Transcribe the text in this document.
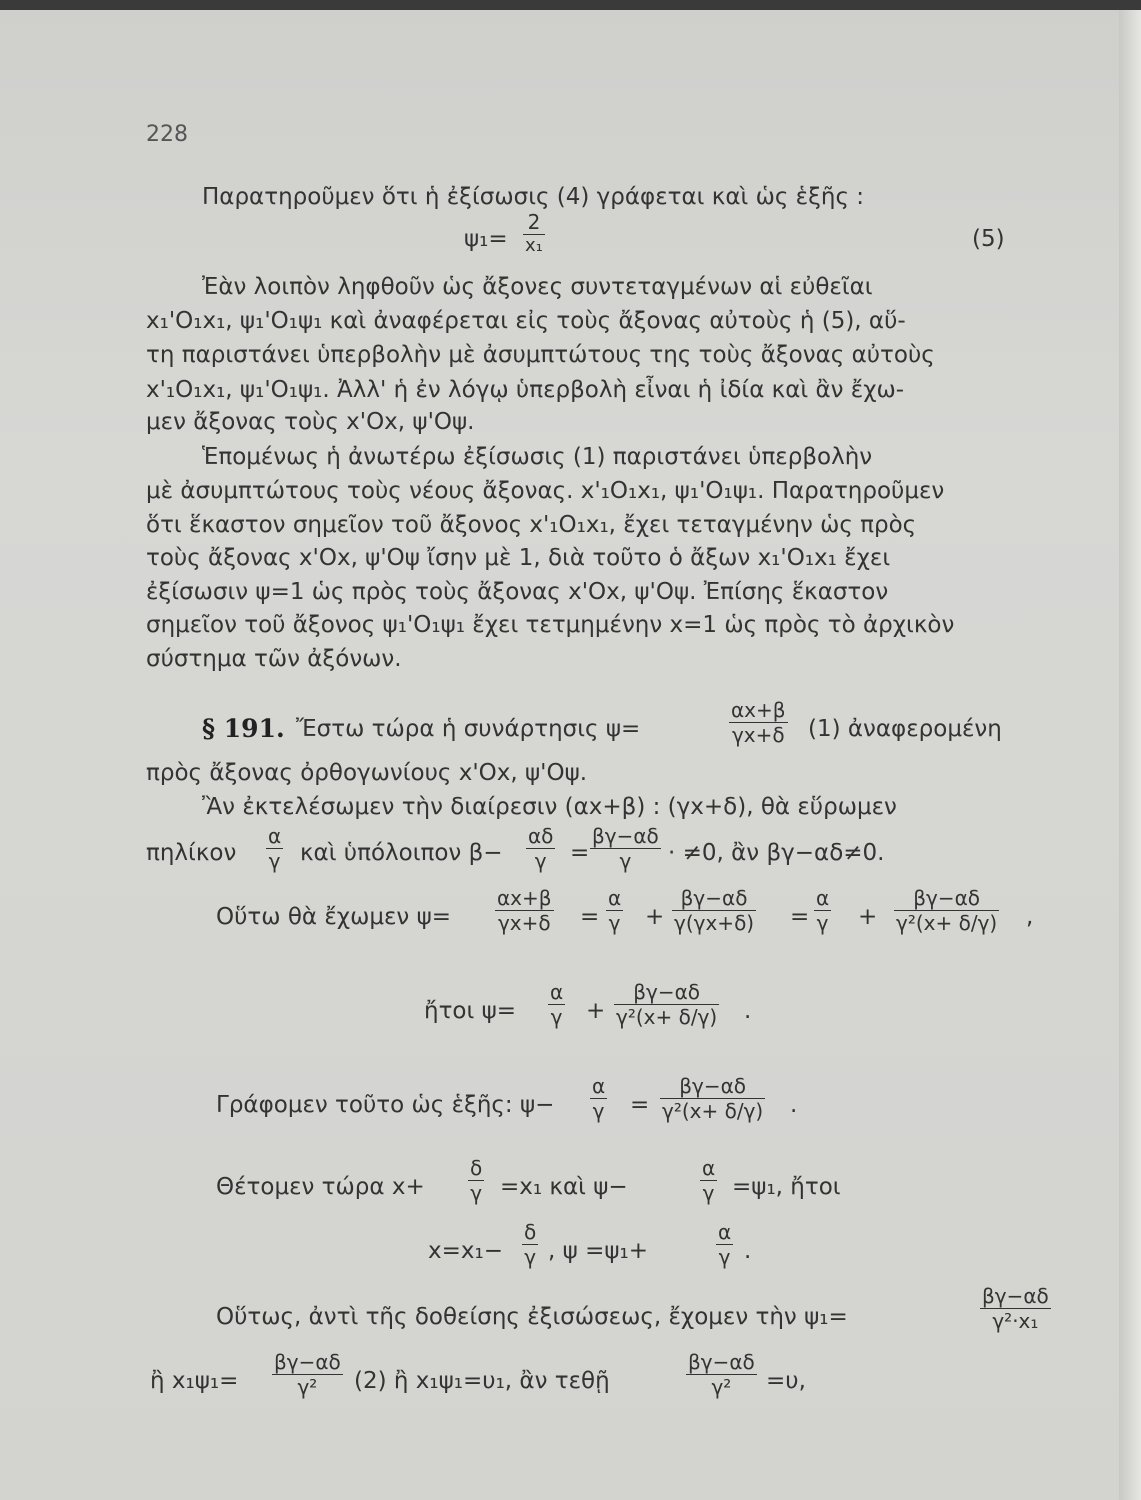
228
Παρατηροῦμεν ὅτι ἡ ἐξίσωσις (4) γράφεται καὶ ὡς ἑξῆς :
$\psi_1= \frac{2}{\text{x₁}}$	(5)
Ἐὰν λοιπὸν ληφθοῦν ὡς ἄξονες συντεταγμένων αἱ εὐθεῖαι
x₁'O₁x₁, ψ₁'O₁ψ₁ καὶ ἀναφέρεται εἰς τοὺς ἄξονας αὐτοὺς ἡ (5), αὕ-
τη παριστάνει ὑπερβολὴν μὲ ἀσυμπτώτους της τοὺς ἄξονας αὐτοὺς
x'₁O₁x₁, ψ₁'O₁ψ₁. Ἀλλ' ἡ ἐν λόγῳ ὑπερβολὴ εἶναι ἡ ἰδία καὶ ἂν ἔχω-
μεν ἄξονας τοὺς x'Ox, ψ'Oψ.
Ἑπομένως ἡ ἀνωτέρω ἐξίσωσις (1) παριστάνει ὑπερβολὴν
μὲ ἀσυμπτώτους τοὺς νέους ἄξονας. x'₁O₁x₁, ψ₁'O₁ψ₁. Παρατηροῦμεν
ὅτι ἕκαστον σημεῖον τοῦ ἄξονος x'₁O₁x₁, ἔχει τεταγμένην ὡς πρὸς
τοὺς ἄξονας x'Ox, ψ'Oψ ἴσην μὲ 1, διὰ τοῦτο ὁ ἄξων x₁'O₁x₁ ἔχει
ἐξίσωσιν ψ=1 ὡς πρὸς τοὺς ἄξονας x'Ox, ψ'Oψ. Ἐπίσης ἕκαστον
σημεῖον τοῦ ἄξονος ψ₁'O₁ψ₁ ἔχει τετμημένην x=1 ὡς πρὸς τὸ ἀρχικὸν
σύστημα τῶν ἀξόνων.
§ 191. Ἔστω τώρα ἡ συνάρτησις ψ=	$\frac{\alpha x+\beta}{\gamma x+\delta} (1)$ ἀναφερομένη
πρὸς ἄξονας ὀρθογωνίους x'Ox, ψ'Oψ.
Ἂν ἐκτελέσωμεν τὴν διαίρεσιν (αx+β) : (γx+δ), θὰ εὕρωμεν
πηλίκον $\frac{\alpha}{\gamma}$ καὶ ὑπόλοιπον $\beta- \frac{\alpha\delta}{\gamma} = \frac{\beta\gamma-\alpha\delta}{\gamma} \cdot \ne 0$, ἂν βγ−αδ≠0.
Οὕτω θὰ ἔχωμεν $\psi= \frac{\alpha x+\beta}{\gamma x+\delta} = \frac{\alpha}{\gamma} + \frac{\beta\gamma-\alpha\delta}{\gamma(\gamma x+\delta)} = \frac{\alpha}{\gamma} + \frac{\beta\gamma-\alpha\delta}{\text{γ²(x+ δ/γ)}}$ ,
ἤτοι $\psi= \frac{\alpha}{\gamma} + \frac{\beta\gamma-\alpha\delta}{\text{γ²(x+ δ/γ)}}$ .
Γράφομεν τοῦτο ὡς ἑξῆς: $\psi- \frac{\alpha}{\gamma} = \frac{\beta\gamma-\alpha\delta}{\text{γ²(x+ δ/γ)}}$ .
Θέτομεν τώρα $x+ \frac{\delta}{\gamma} =x_1$ καὶ ψ−	$\frac{\alpha}{\gamma} =\psi_1$, ἤτοι
$x=x_1- \frac{\delta}{\gamma}$ , ψ =ψ₁+	$\frac{\alpha}{\gamma}$ .
Οὕτως, ἀντὶ τῆς δοθείσης ἐξισώσεως, ἔχομεν τὴν ψ₁=	$\frac{\beta\gamma-\alpha\delta}{\text{γ²·x₁}}$
ἢ $x_1\psi_1= \frac{\beta\gamma-\alpha\delta}{\text{γ²}} (2)$ ἢ x₁ψ₁=υ₁, ἂν τεθῇ	$\frac{\beta\gamma-\alpha\delta}{\text{γ²}} =\upsilon$,
